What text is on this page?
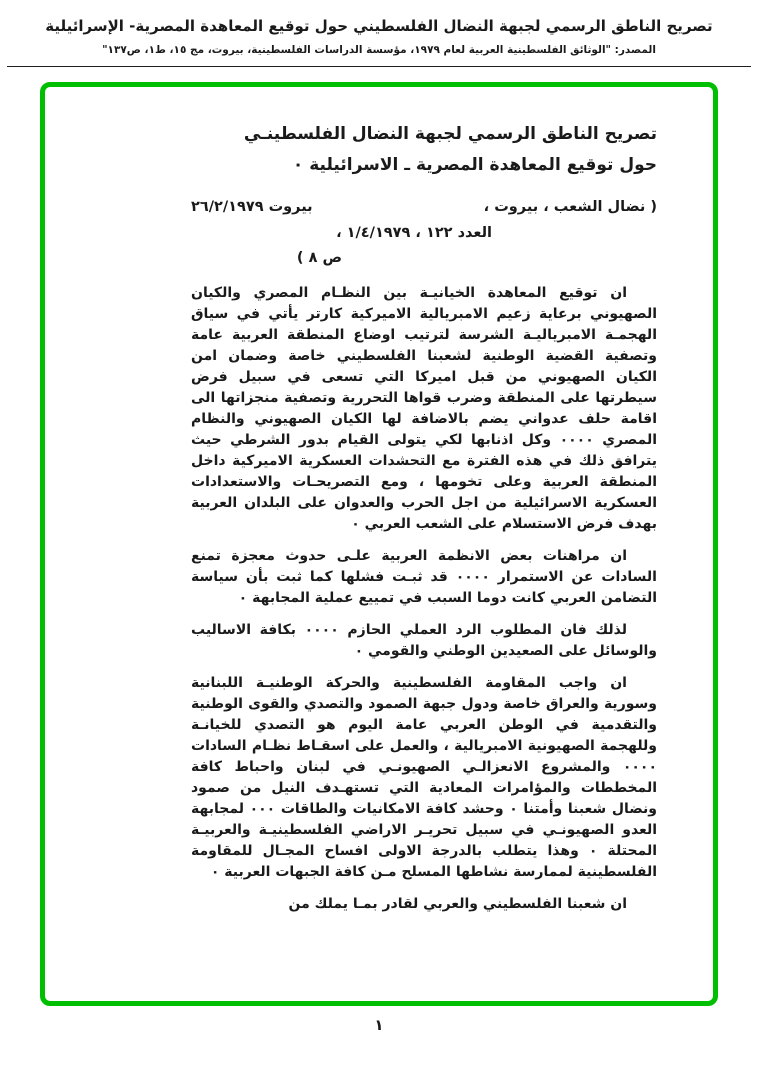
تصريح الناطق الرسمي لجبهة النضال الفلسطيني حول توقيع المعاهدة المصرية- الإسرائيلية
المصدر: "الوثائق الفلسطينية العربية لعام ١٩٧٩، مؤسسة الدراسات الفلسطينية، بيروت، مج ١٥، ط١، ص١٣٧"
تصريح الناطق الرسمي لجبهة النضال الفلسطينـي
حول توقيع المعاهدة المصرية ـ الاسرائيلية ٠
( نضال الشعب ، بيروت ،
بيروت ٢٦/٢/١٩٧٩
العدد ١٢٢ ، ١/٤/١٩٧٩ ،
ص ٨ )

ان توقيع المعاهدة الخيانيـة بين النظـام المصري والكيان الصهيوني برعاية زعيم الامبريالية الاميركية كارتر يأتي في سياق الهجمـة الامبرياليـة الشرسة لترتيب اوضاع المنطقة العربية عامة وتصفية القضية الوطنية لشعبنا الفلسطيني خاصة وضمان امن الكيان الصهيوني من قبل اميركا التي تسعى في سبيل فرض سيطرتها على المنطقة وضرب قواها التحررية وتصفية منجزاتها الى اقامة حلف عدواني يضم بالاضافة لها الكيان الصهيوني والنظام المصري ٠٠٠٠ وكل اذنابها لكي يتولى القيام بدور الشرطي حيث يترافق ذلك في هذه الفترة مع التحشدات العسكرية الاميركية داخل المنطقة العربية وعلى تخومها ، ومع التصريحـات والاستعدادات العسكرية الاسرائيلية من اجل الحرب والعدوان على البلدان العربية بهدف فرض الاستسلام على الشعب العربي ٠

ان مراهنات بعض الانظمة العربية علـى حدوث معجزة تمنع السادات عن الاستمرار ٠٠٠٠ قد ثبـت فشلها كما ثبت بأن سياسة التضامن العربي كانت دوما السبب في تمييع عملية المجابهة ٠

لذلك فان المطلوب الرد العملي الحازم ٠٠٠٠ بكافة الاساليب والوسائل على الصعيدين الوطني والقومي ٠

ان واجب المقاومة الفلسطينية والحركة الوطنيـة اللبنانية وسورية والعراق خاصة ودول جبهة الصمود والتصدي والقوى الوطنية والتقدمية في الوطن العربي عامة اليوم هو التصدي للخيانـة وللهجمة الصهيونية الامبريالية ، والعمل على اسقـاط نظـام السادات ٠٠٠٠ والمشروع الانعزالـي الصهيونـي في لبنان واحباط كافة المخططات والمؤامرات المعادية التي تستهـدف النيل من صمود ونضال شعبنا وأمتنا ٠ وحشد كافة الامكانيات والطاقات ٠٠٠ لمجابهة العدو الصهيونـي في سبيل تحريـر الاراضي الفلسطينيـة والعربيـة المحتلة ٠ وهذا يتطلب بالدرجة الاولى افساح المجـال للمقاومة الفلسطينية لممارسة نشاطها المسلح مـن كافة الجبهات العربية ٠

ان شعبنا الفلسطيني والعربي لقادر بمـا يملك من

١
